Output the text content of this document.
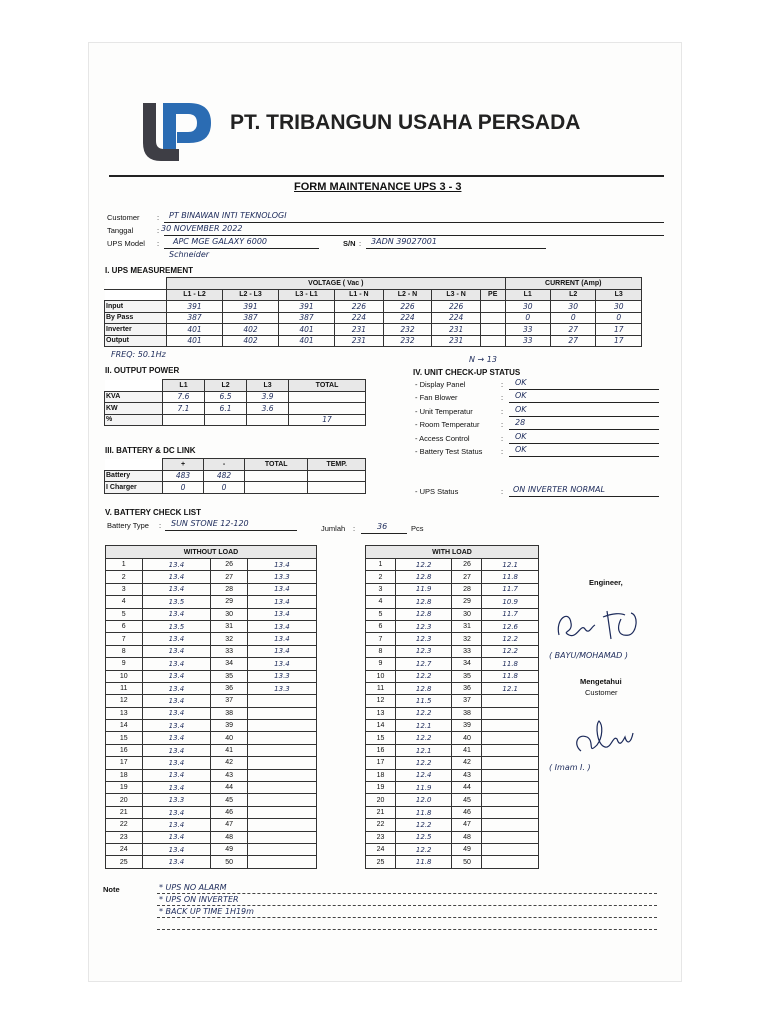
PT. TRIBANGUN USAHA PERSADA
FORM MAINTENANCE UPS 3 - 3
Customer : PT BINAWAN INTI TEKNOLOGI
Tanggal	: 30 NOVEMBER 2022
UPS Model : APC MGE GALAXY 6000
Schneider
S/N : 3ADN 39027001
I. UPS MEASUREMENT
	VOLTAGE ( Vac )							CURRENT (Amp)		
	L1 - L2	L2 - L3	L3 - L1	L1 - N	L2 - N	L3 - N	PE	L1	L2	L3
Input	391	391	391	226	226	226		30	30	30
By Pass	387	387	387	224	224	224		0	0	0
Inverter	401	402	401	231	232	231		33	27	17
Output	401	402	401	231	232	231		33	27	17
FREQ: 50.1Hz
N → 13
II. OUTPUT POWER
	L1	L2	L3	TOTAL
KVA	7.6	6.5	3.9	
KW	7.1	6.1	3.6	
%				17
III. BATTERY & DC LINK
	+	-	TOTAL	TEMP.
Battery	483	482		
I Charger	0	0		
IV. UNIT CHECK-UP STATUS
- Display Panel	: OK
- Fan Blower	: OK
- Unit Temperatur	: OK
- Room Temperatur	: 28
- Access Control	: OK
- Battery Test Status : OK
- UPS Status	: ON INVERTER NORMAL
V. BATTERY CHECK LIST
Battery Type : SUN STONE 12-120
Jumlah :	36	Pcs
WITHOUT LOAD			
1	13.4	26	13.4
2	13.4	27	13.3
3	13.4	28	13.4
4	13.5	29	13.4
5	13.4	30	13.4
6	13.5	31	13.4
7	13.4	32	13.4
8	13.4	33	13.4
9	13.4	34	13.4
10	13.4	35	13.3
11	13.4	36	13.3
12	13.4	37	
13	13.4	38	
14	13.4	39	
15	13.4	40	
16	13.4	41	
17	13.4	42	
18	13.4	43	
19	13.4	44	
20	13.3	45	
21	13.4	46	
22	13.4	47	
23	13.4	48	
24	13.4	49	
25	13.4	50	
WITH LOAD			
1	12.2	26	12.1
2	12.8	27	11.8
3	11.9	28	11.7
4	12.8	29	10.9
5	12.8	30	11.7
6	12.3	31	12.6
7	12.3	32	12.2
8	12.3	33	12.2
9	12.7	34	11.8
10	12.2	35	11.8
11	12.8	36	12.1
12	11.5	37	
13	12.2	38	
14	12.1	39	
15	12.2	40	
16	12.1	41	
17	12.2	42	
18	12.4	43	
19	11.9	44	
20	12.0	45	
21	11.8	46	
22	12.2	47	
23	12.5	48	
24	12.2	49	
25	11.8	50	
Engineer,
( BAYU/MOHAMAD )
Mengetahui
Customer
( Imam I. )
Note	* UPS NO ALARM
* UPS ON INVERTER
* BACK UP TIME 1H19m
